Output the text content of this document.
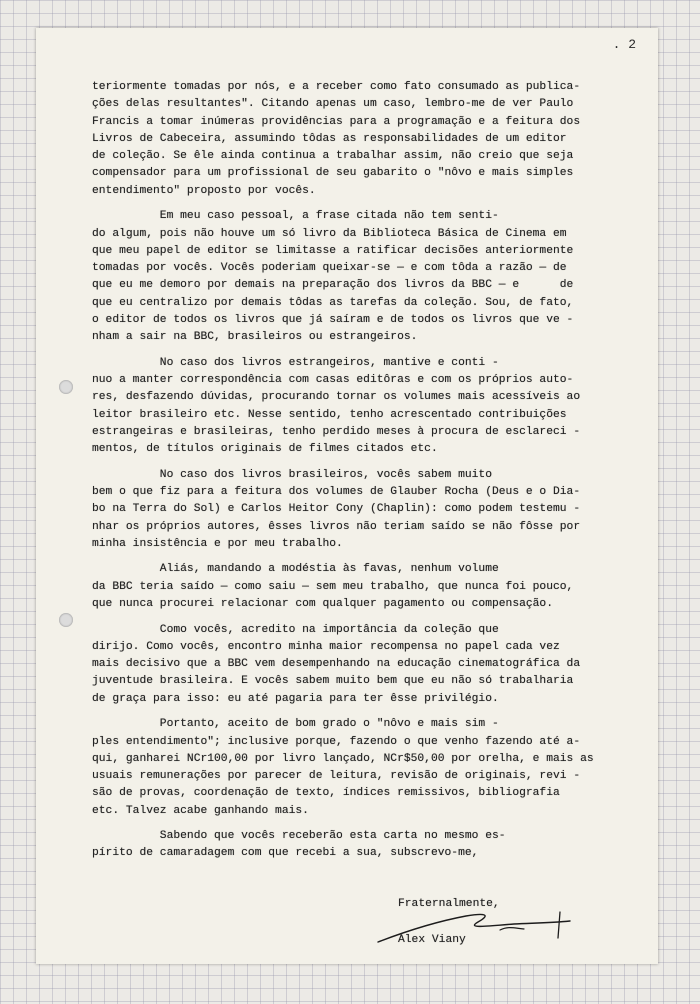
. 2
teriormente tomadas por nós, e a receber como fato consumado as publica-
ções delas resultantes". Citando apenas um caso, lembro-me de ver Paulo
Francis a tomar inúmeras providências para a programação e a feitura dos
Livros de Cabeceira, assumindo tôdas as responsabilidades de um editor
de coleção. Se êle ainda continua a trabalhar assim, não creio que seja
compensador para um profissional de seu gabarito o "nôvo e mais simples
entendimento" proposto por vocês.
Em meu caso pessoal, a frase citada não tem senti-
do algum, pois não houve um só livro da Biblioteca Básica de Cinema em
que meu papel de editor se limitasse a ratificar decisões anteriormente
tomadas por vocês. Vocês poderiam queixar-se — e com tôda a razão — de
que eu me demoro por demais na preparação dos livros da BBC — e      de
que eu centralizo por demais tôdas as tarefas da coleção. Sou, de fato,
o editor de todos os livros que já saíram e de todos os livros que ve -
nham a sair na BBC, brasileiros ou estrangeiros.
No caso dos livros estrangeiros, mantive e conti -
nuo a manter correspondência com casas editôras e com os próprios auto-
res, desfazendo dúvidas, procurando tornar os volumes mais acessíveis ao
leitor brasileiro etc. Nesse sentido, tenho acrescentado contribuições
estrangeiras e brasileiras, tenho perdido meses à procura de esclareci -
mentos, de títulos originais de filmes citados etc.
No caso dos livros brasileiros, vocês sabem muito
bem o que fiz para a feitura dos volumes de Glauber Rocha (Deus e o Dia-
bo na Terra do Sol) e Carlos Heitor Cony (Chaplin): como podem testemu -
nhar os próprios autores, êsses livros não teriam saído se não fôsse por
minha insistência e por meu trabalho.
Aliás, mandando a modéstia às favas, nenhum volume
da BBC teria saído — como saiu — sem meu trabalho, que nunca foi pouco,
que nunca procurei relacionar com qualquer pagamento ou compensação.
Como vocês, acredito na importância da coleção que
dirijo. Como vocês, encontro minha maior recompensa no papel cada vez
mais decisivo que a BBC vem desempenhando na educação cinematográfica da
juventude brasileira. E vocês sabem muito bem que eu não só trabalharia
de graça para isso: eu até pagaria para ter êsse privilégio.
Portanto, aceito de bom grado o "nôvo e mais sim -
ples entendimento"; inclusive porque, fazendo o que venho fazendo até a-
qui, ganharei NCr100,00 por livro lançado, NCr$50,00 por orelha, e mais as
usuais remunerações por parecer de leitura, revisão de originais, revi -
são de provas, coordenação de texto, índices remissivos, bibliografia
etc. Talvez acabe ganhando mais.
Sabendo que vocês receberão esta carta no mesmo es-
pírito de camaradagem com que recebi a sua, subscrevo-me,
Fraternalmente,
Alex Viany
